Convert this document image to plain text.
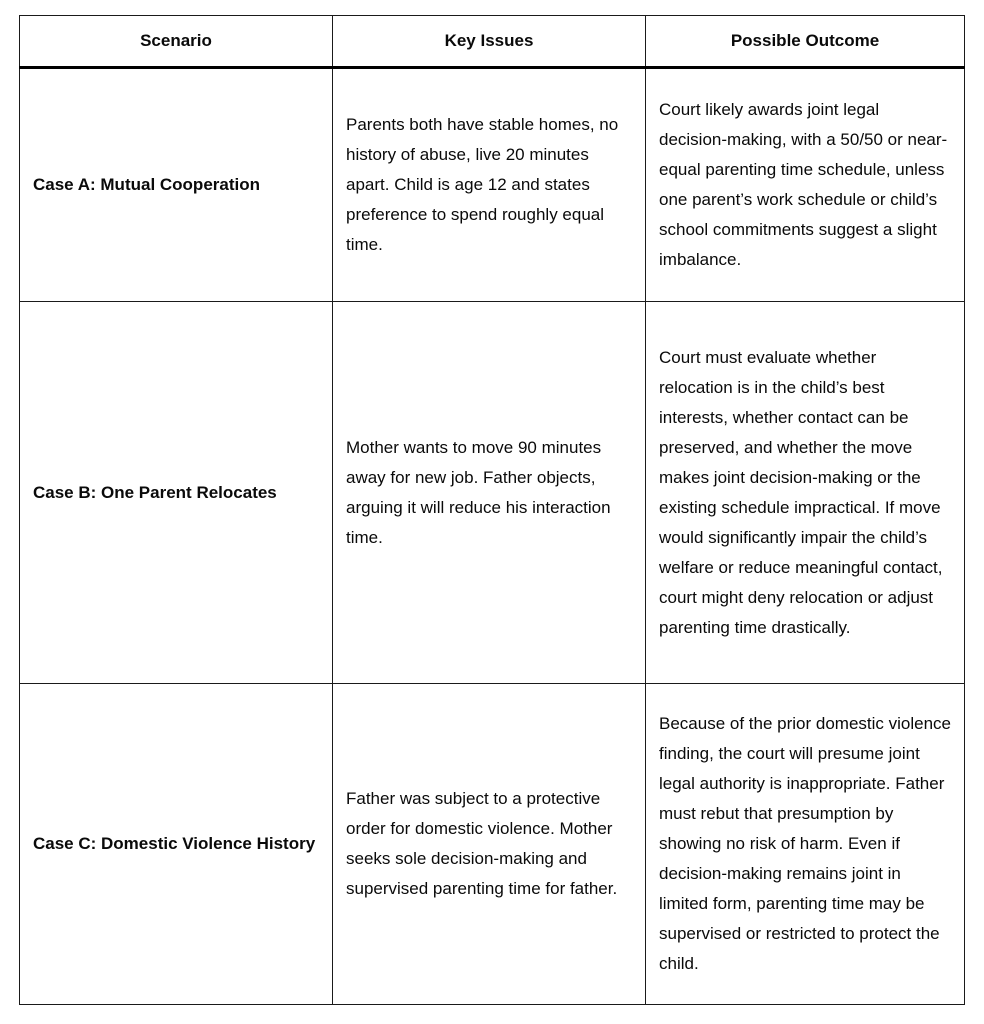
Scenario	Key Issues	Possible Outcome
Case A: Mutual Cooperation	Parents both have stable homes, no history of abuse, live 20 minutes apart. Child is age 12 and states preference to spend roughly equal time.	Court likely awards joint legal decision-making, with a 50/50 or near-equal parenting time schedule, unless one parent’s work schedule or child’s school commitments suggest a slight imbalance.
Case B: One Parent Relocates	Mother wants to move 90 minutes away for new job. Father objects, arguing it will reduce his interaction time.	Court must evaluate whether relocation is in the child’s best interests, whether contact can be preserved, and whether the move makes joint decision-making or the existing schedule impractical. If move would significantly impair the child’s welfare or reduce meaningful contact, court might deny relocation or adjust parenting time drastically.
Case C: Domestic Violence History	Father was subject to a protective order for domestic violence. Mother seeks sole decision-making and supervised parenting time for father.	Because of the prior domestic violence finding, the court will presume joint legal authority is inappropriate. Father must rebut that presumption by showing no risk of harm. Even if decision-making remains joint in limited form, parenting time may be supervised or restricted to protect the child.
